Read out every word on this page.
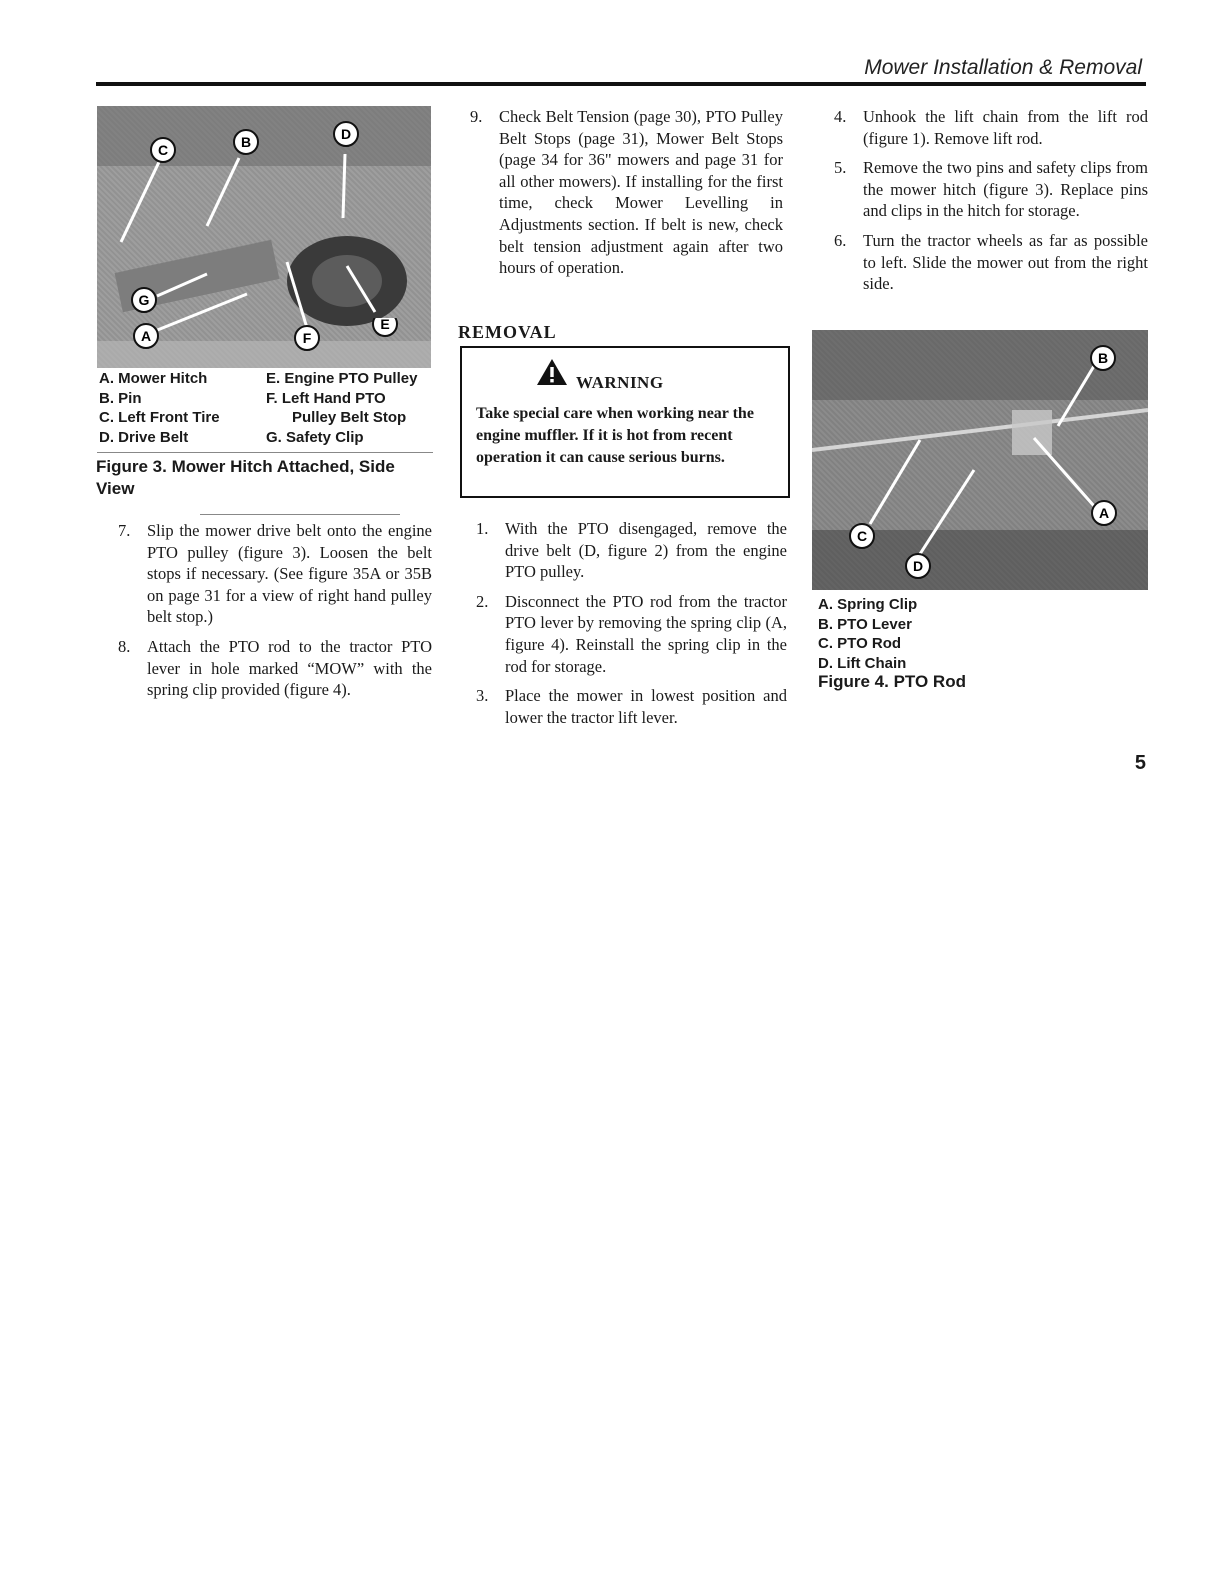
Mower Installation & Removal
C	B	D
G
A	F
E
A. Mower Hitch
B. Pin
C. Left Front Tire
D. Drive Belt
E. Engine PTO Pulley
F. Left Hand PTO
Pulley Belt Stop
G. Safety Clip
Figure 3. Mower Hitch Attached, Side View
7. Slip the mower drive belt onto the engine PTO pulley (figure 3). Loosen the belt stops if necessary. (See figure 35A or 35B on page 31 for a view of right hand pulley belt stop.)
8. Attach the PTO rod to the tractor PTO lever in hole marked “MOW” with the spring clip provided (figure 4).
9. Check Belt Tension (page 30), PTO Pulley Belt Stops (page 31), Mower Belt Stops (page 34 for 36" mowers and page 31 for all other mowers). If installing for the first time, check Mower Levelling in Adjustments section. If belt is new, check belt tension adjustment again after two hours of operation.
REMOVAL
WARNING
Take special care when working near the engine muffler. If it is hot from recent operation it can cause serious burns.
1. With the PTO disengaged, remove the drive belt (D, figure 2) from the engine PTO pulley.
2. Disconnect the PTO rod from the tractor PTO lever by removing the spring clip (A, figure 4). Reinstall the spring clip in the rod for storage.
3. Place the mower in lowest position and lower the tractor lift lever.
4. Unhook the lift chain from the lift rod (figure 1). Remove lift rod.
5. Remove the two pins and safety clips from the mower hitch (figure 3). Replace pins and clips in the hitch for storage.
6. Turn the tractor wheels as far as possible to left. Slide the mower out from the right side.
B
A
C
D
A. Spring Clip
B. PTO Lever
C. PTO Rod
D. Lift Chain
Figure 4. PTO Rod
5
